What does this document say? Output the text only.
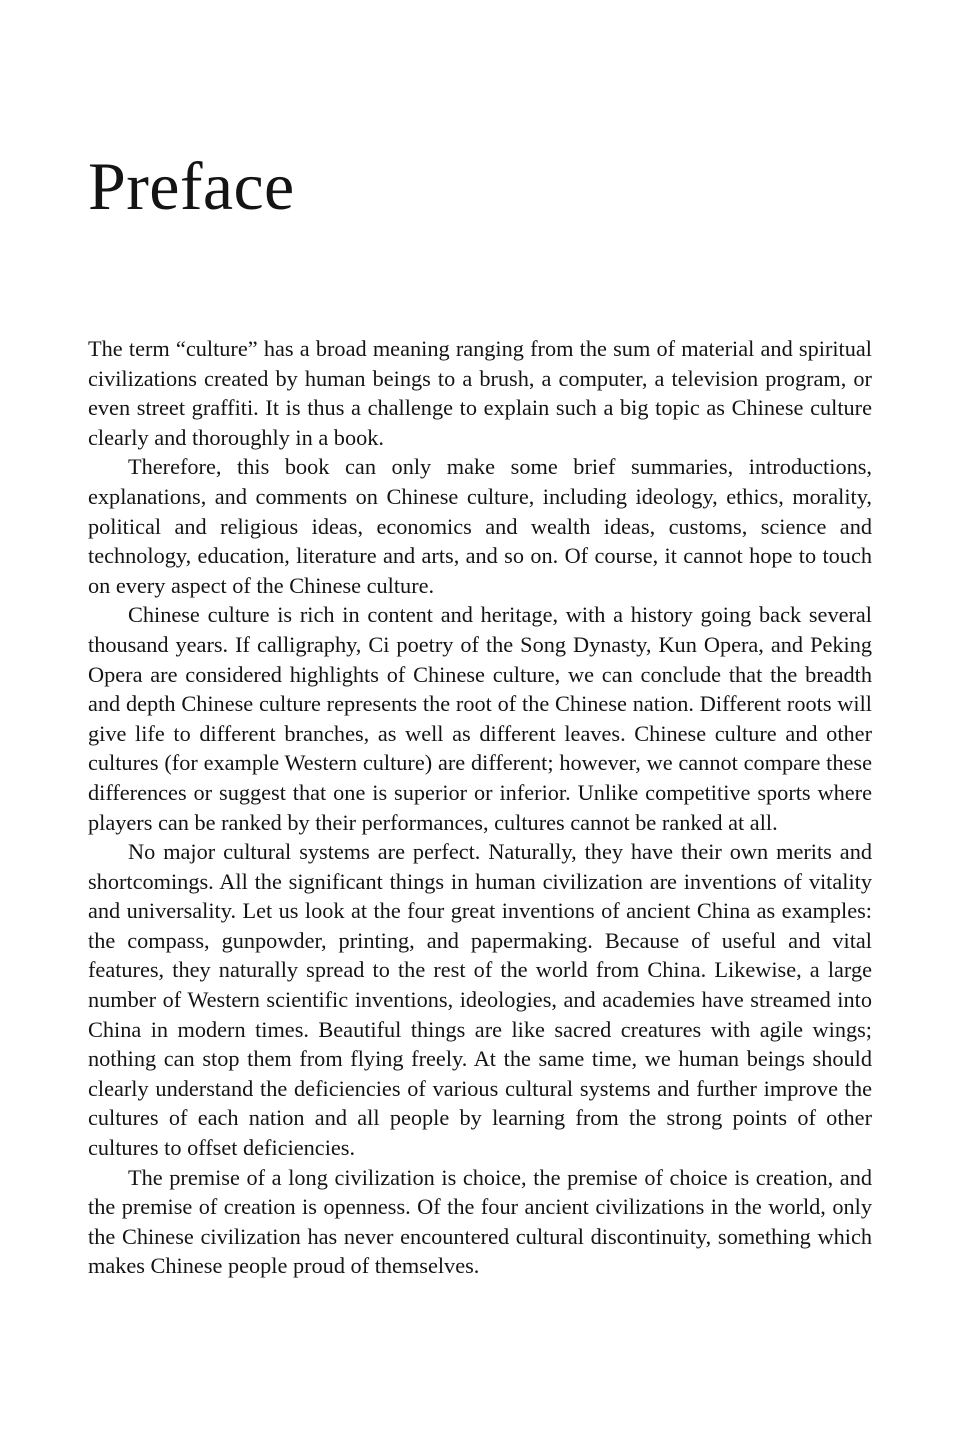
Preface

The term “culture” has a broad meaning ranging from the sum of material and spiritual civilizations created by human beings to a brush, a computer, a television program, or even street graffiti. It is thus a challenge to explain such a big topic as Chinese culture clearly and thoroughly in a book.

Therefore, this book can only make some brief summaries, introductions, explanations, and comments on Chinese culture, including ideology, ethics, morality, political and religious ideas, economics and wealth ideas, customs, science and technology, education, literature and arts, and so on. Of course, it cannot hope to touch on every aspect of the Chinese culture.

Chinese culture is rich in content and heritage, with a history going back several thousand years. If calligraphy, Ci poetry of the Song Dynasty, Kun Opera, and Peking Opera are considered highlights of Chinese culture, we can conclude that the breadth and depth Chinese culture represents the root of the Chinese nation. Different roots will give life to different branches, as well as different leaves. Chinese culture and other cultures (for example Western culture) are different; however, we cannot compare these differences or suggest that one is superior or inferior. Unlike competitive sports where players can be ranked by their performances, cultures cannot be ranked at all.

No major cultural systems are perfect. Naturally, they have their own merits and shortcomings. All the significant things in human civilization are inventions of vitality and universality. Let us look at the four great inventions of ancient China as examples: the compass, gunpowder, printing, and papermaking. Because of useful and vital features, they naturally spread to the rest of the world from China. Likewise, a large number of Western scientific inventions, ideologies, and academies have streamed into China in modern times. Beautiful things are like sacred creatures with agile wings; nothing can stop them from flying freely. At the same time, we human beings should clearly understand the deficiencies of various cultural systems and further improve the cultures of each nation and all people by learning from the strong points of other cultures to offset deficiencies.

The premise of a long civilization is choice, the premise of choice is creation, and the premise of creation is openness. Of the four ancient civilizations in the world, only the Chinese civilization has never encountered cultural discontinuity, something which makes Chinese people proud of themselves.
